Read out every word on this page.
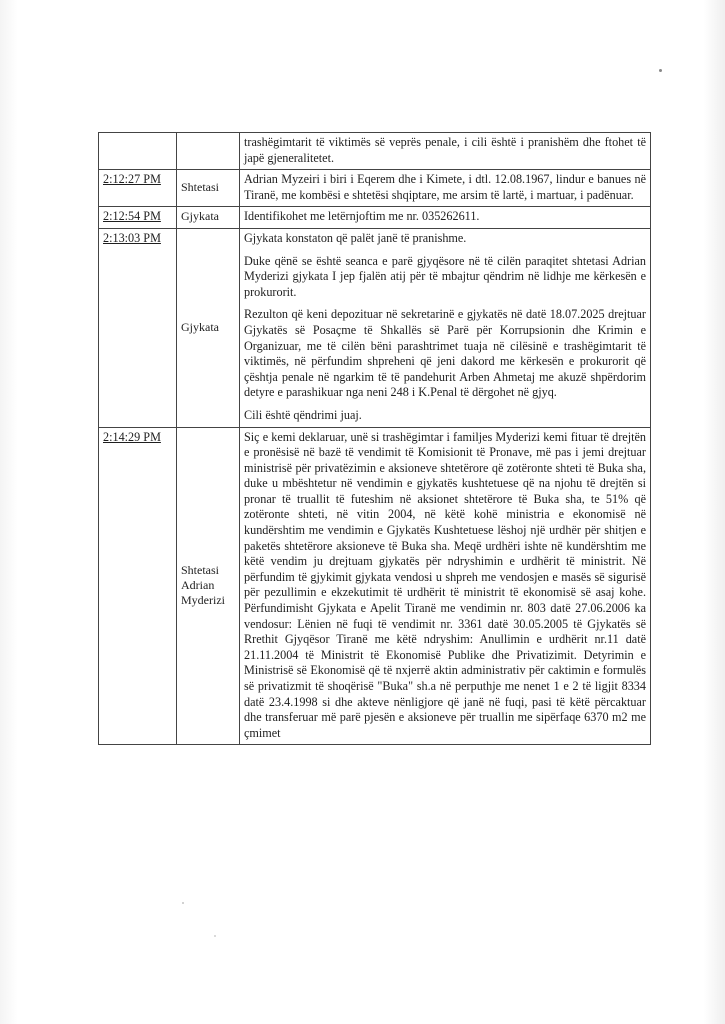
		trashëgimtarit të viktimës së veprës penale, i cili është i pranishëm dhe ftohet të japë gjeneralitetet.

2:12:27 PM	Shtetasi	Adrian Myzeiri i biri i Eqerem dhe i Kimete, i dtl. 12.08.1967, lindur e banues në Tiranë, me kombësi e shtetësi shqiptare, me arsim të lartë, i martuar, i padënuar.

2:12:54 PM	Gjykata	Identifikohet me letërnjoftim me nr. 035262611.

2:13:03 PM	Gjykata	Gjykata konstaton që palët janë të pranishme.

Duke qënë se është seanca e parë gjyqësore në të cilën paraqitet shtetasi Adrian Myderizi gjykata I jep fjalën atij për të mbajtur qëndrim në lidhje me kërkesën e prokurorit.

Rezulton që keni depozituar në sekretarinë e gjykatës në datë 18.07.2025 drejtuar Gjykatës së Posaçme të Shkallës së Parë për Korrupsionin dhe Krimin e Organizuar, me të cilën bëni parashtrimet tuaja në cilësinë e trashëgimtarit të viktimës, në përfundim shpreheni që jeni dakord me kërkesën e prokurorit që çështja penale në ngarkim të të pandehurit Arben Ahmetaj me akuzë shpërdorim detyre e parashikuar nga neni 248 i K.Penal të dërgohet në gjyq.

Cili është qëndrimi juaj.

2:14:29 PM	Shtetasi Adrian Myderizi	Siç e kemi deklaruar, unë si trashëgimtar i familjes Myderizi kemi fituar të drejtën e pronësisë në bazë të vendimit të Komisionit të Pronave, më pas i jemi drejtuar ministrisë për privatëzimin e aksioneve shtetërore që zotëronte shteti të Buka sha, duke u mbështetur në vendimin e gjykatës kushtetuese që na njohu të drejtën si pronar të truallit të futeshim në aksionet shtetërore të Buka sha, te 51% që zotëronte shteti, në vitin 2004, në këtë kohë ministria e ekonomisë në kundërshtim me vendimin e Gjykatës Kushtetuese lëshoj një urdhër për shitjen e paketës shtetërore aksioneve të Buka sha. Meqë urdhëri ishte në kundërshtim me këtë vendim ju drejtuam gjykatës për ndryshimin e urdhërit të ministrit. Në përfundim të gjykimit gjykata vendosi u shpreh me vendosjen e masës së sigurisë për pezullimin e ekzekutimit të urdhërit të ministrit të ekonomisë së asaj kohe. Përfundimisht Gjykata e Apelit Tiranë me vendimin nr. 803 datë 27.06.2006 ka vendosur: Lënien në fuqi të vendimit nr. 3361 datë 30.05.2005 të Gjykatës së Rrethit Gjyqësor Tiranë me këtë ndryshim: Anullimin e urdhërit nr.11 datë 21.11.2004 të Ministrit të Ekonomisë Publike dhe Privatizimit. Detyrimin e Ministrisë së Ekonomisë që të nxjerrë aktin administrativ për caktimin e formulës së privatizmit të shoqërisë "Buka" sh.a në perputhje me nenet 1 e 2 të ligjit 8334 datë 23.4.1998 si dhe akteve nënligjore që janë në fuqi, pasi të këtë përcaktuar dhe transferuar më parë pjesën e aksioneve për truallin me sipërfaqe 6370 m2 me çmimet
